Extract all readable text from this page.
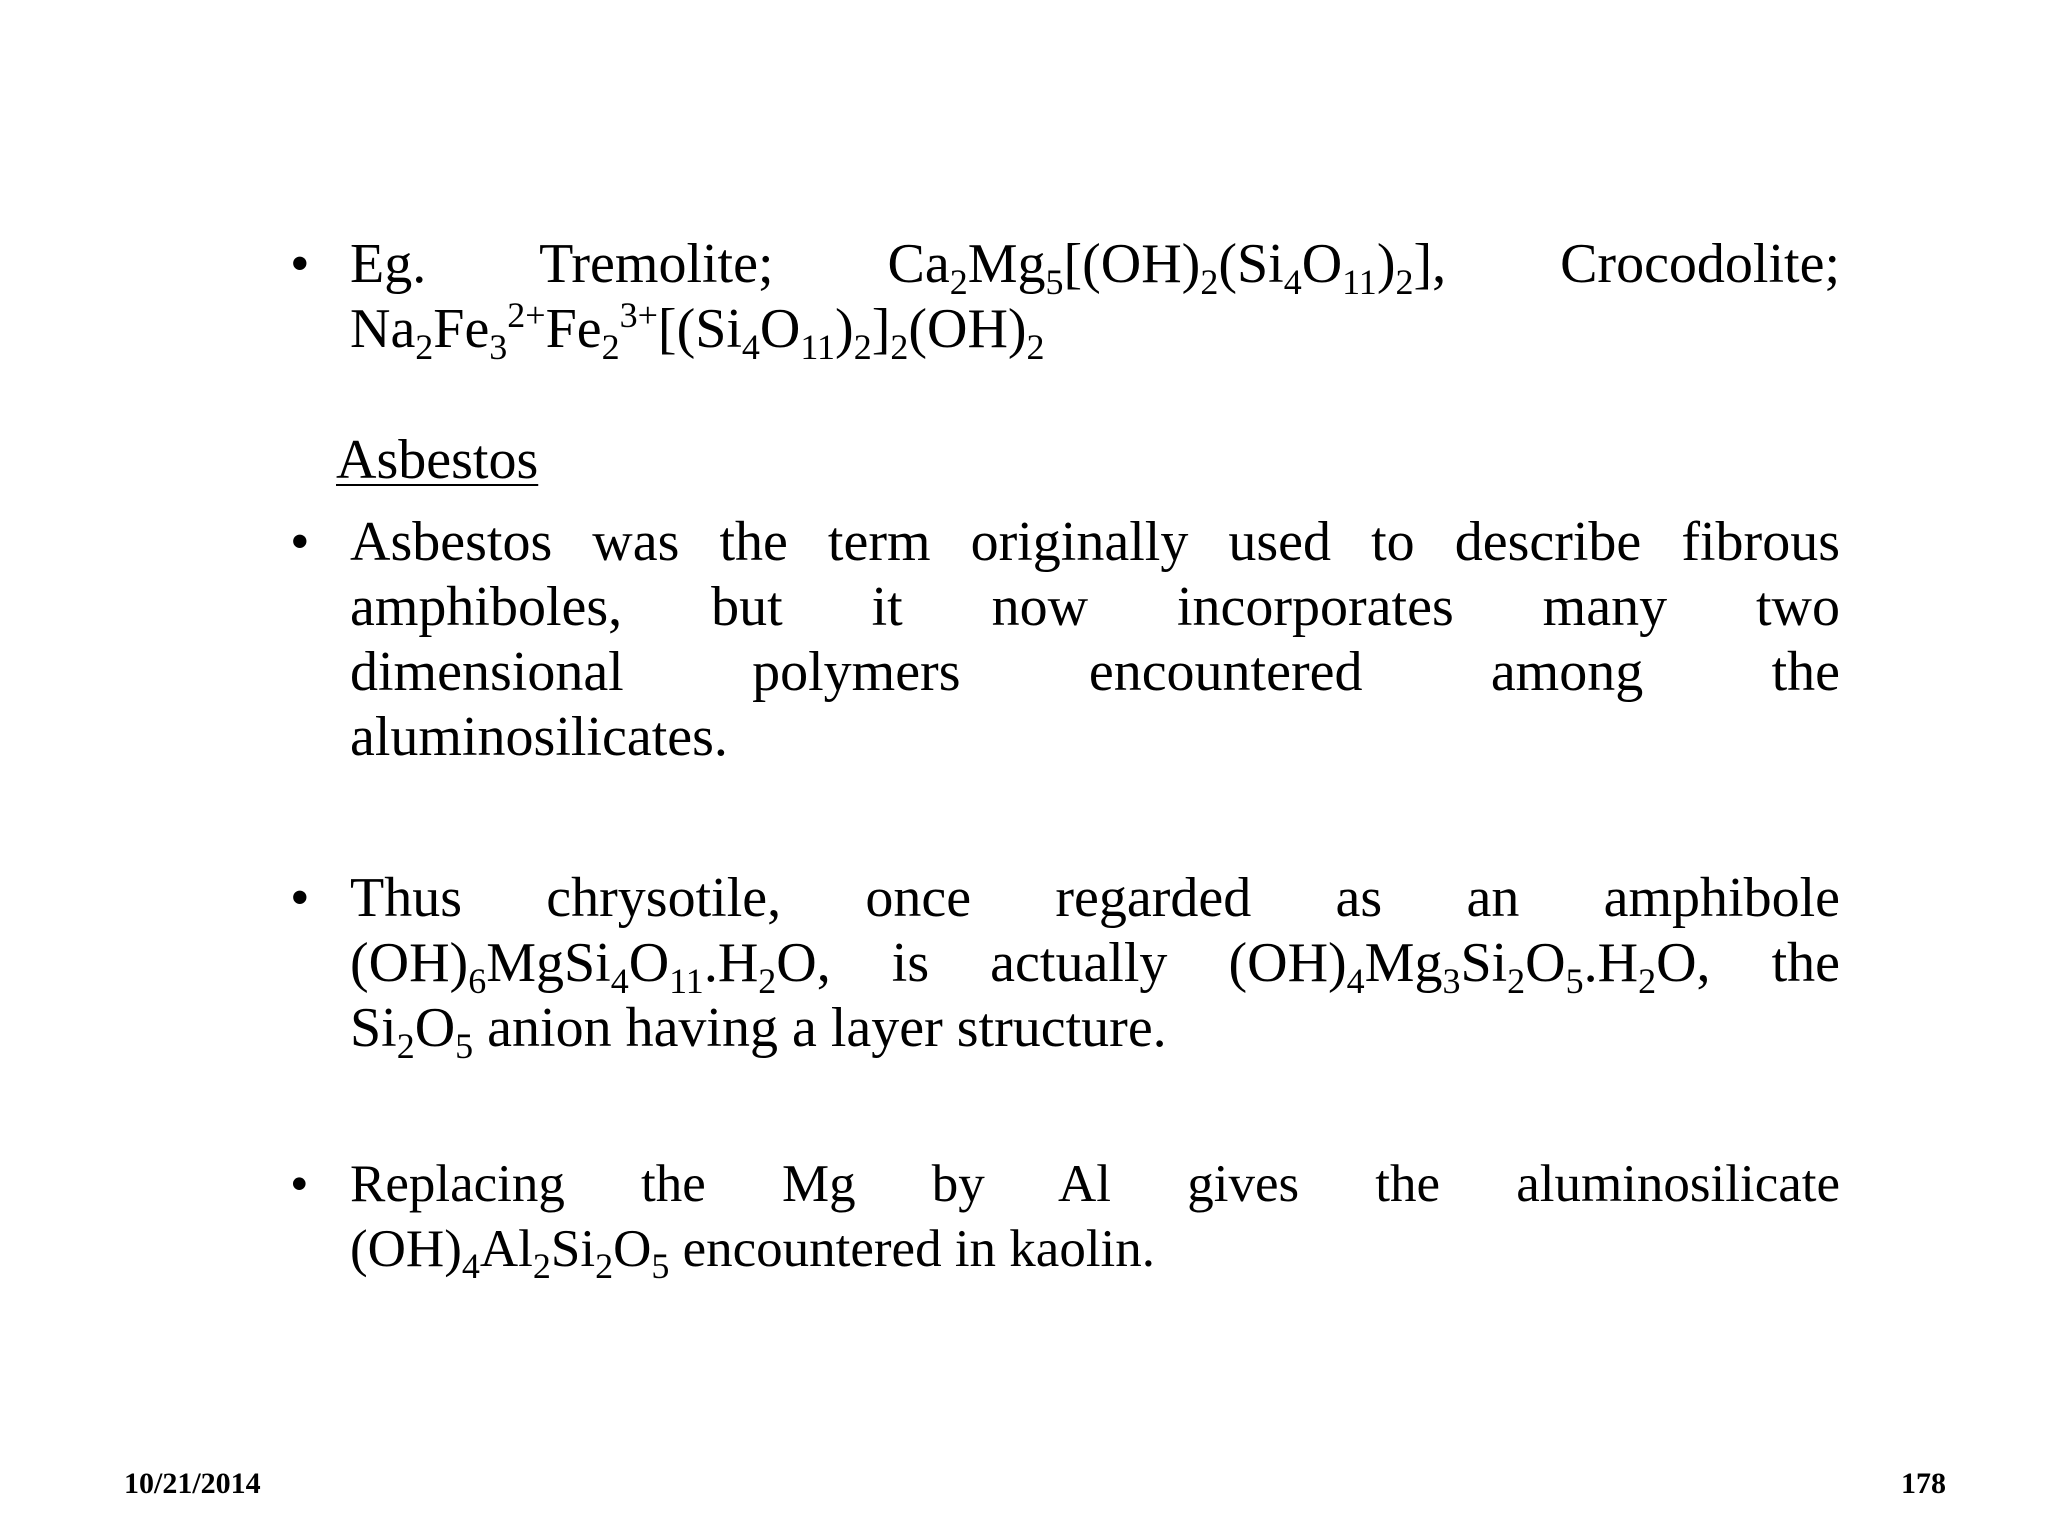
• Eg. Tremolite; $Ca_2Mg_5[(OH)_2(Si_4O_{11})_2]$, Crocodolite;
$Na_2Fe_3^{2+}Fe_2^{3+}[(Si_4O_{11})_2]_2(OH)_2$
Asbestos
• Asbestos was the term originally used to describe fibrous
amphiboles, but it now incorporates many two
dimensional polymers encountered among the
aluminosilicates.
• Thus chrysotile, once regarded as an amphibole
$(OH)_6MgSi_4O_{11}.H_2O$, is actually $(OH)_4Mg_3Si_2O_5.H_2O$, the
$Si_2O_5$ anion having a layer structure.
• Replacing the Mg by Al gives the aluminosilicate
$(OH)_4Al_2Si_2O_5$ encountered in kaolin.
10/21/2014	178
